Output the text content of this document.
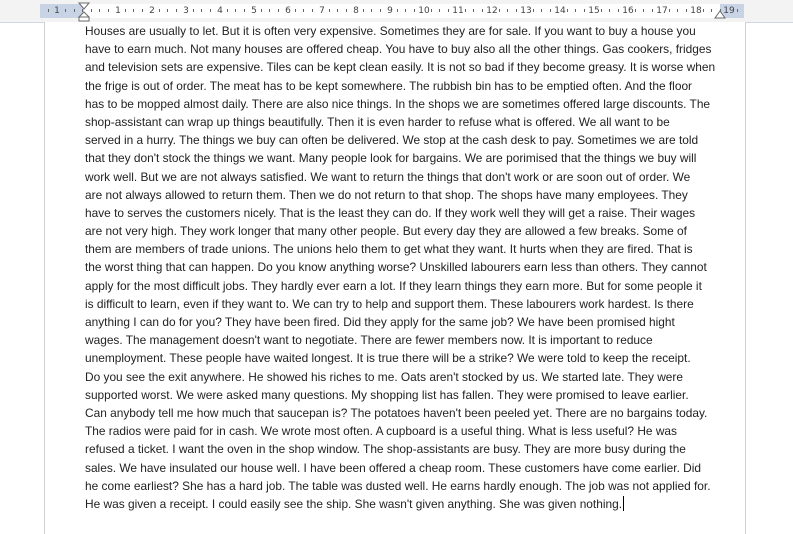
1	1	2	3	4	5	6	7	8	9	10	11	12	13	14	15	16	17	18 19
Houses are usually to let. But it is often very expensive. Sometimes they are for sale. If you want to buy a house you
have to earn much. Not many houses are offered cheap. You have to buy also all the other things. Gas cookers, fridges
and television sets are expensive. Tiles can be kept clean easily. It is not so bad if they become greasy. It is worse when
the frige is out of order. The meat has to be kept somewhere. The rubbish bin has to be emptied often. And the floor
has to be mopped almost daily. There are also nice things. In the shops we are sometimes offered large discounts. The
shop-assistant can wrap up things beautifully. Then it is even harder to refuse what is offered. We all want to be
served in a hurry. The things we buy can often be delivered. We stop at the cash desk to pay. Sometimes we are told
that they don't stock the things we want. Many people look for bargains. We are porimised that the things we buy will
work well. But we are not always satisfied. We want to return the things that don't work or are soon out of order. We
are not always allowed to return them. Then we do not return to that shop. The shops have many employees. They
have to serves the customers nicely. That is the least they can do. If they work well they will get a raise. Their wages
are not very high. They work longer that many other people. But every day they are allowed a few breaks. Some of
them are members of trade unions. The unions helo them to get what they want. It hurts when they are fired. That is
the worst thing that can happen. Do you know anything worse? Unskilled labourers earn less than others. They cannot
apply for the most difficult jobs. They hardly ever earn a lot. If they learn things they earn more. But for some people it
is difficult to learn, even if they want to. We can try to help and support them. These labourers work hardest. Is there
anything I can do for you? They have been fired. Did they apply for the same job? We have been promised hight
wages. The management doesn't want to negotiate. There are fewer members now. It is important to reduce
unemployment. These people have waited longest. It is true there will be a strike? We were told to keep the receipt.
Do you see the exit anywhere. He showed his riches to me. Oats aren't stocked by us. We started late. They were
supported worst. We were asked many questions. My shopping list has fallen. They were promised to leave earlier.
Can anybody tell me how much that saucepan is? The potatoes haven't been peeled yet. There are no bargains today.
The radios were paid for in cash. We wrote most often. A cupboard is a useful thing. What is less useful? He was
refused a ticket. I want the oven in the shop window. The shop-assistants are busy. They are more busy during the
sales. We have insulated our house well. I have been offered a cheap room. These customers have come earlier. Did
he come earliest? She has a hard job. The table was dusted well. He earns hardly enough. The job was not applied for.
He was given a receipt. I could easily see the ship. She wasn't given anything. She was given nothing.
